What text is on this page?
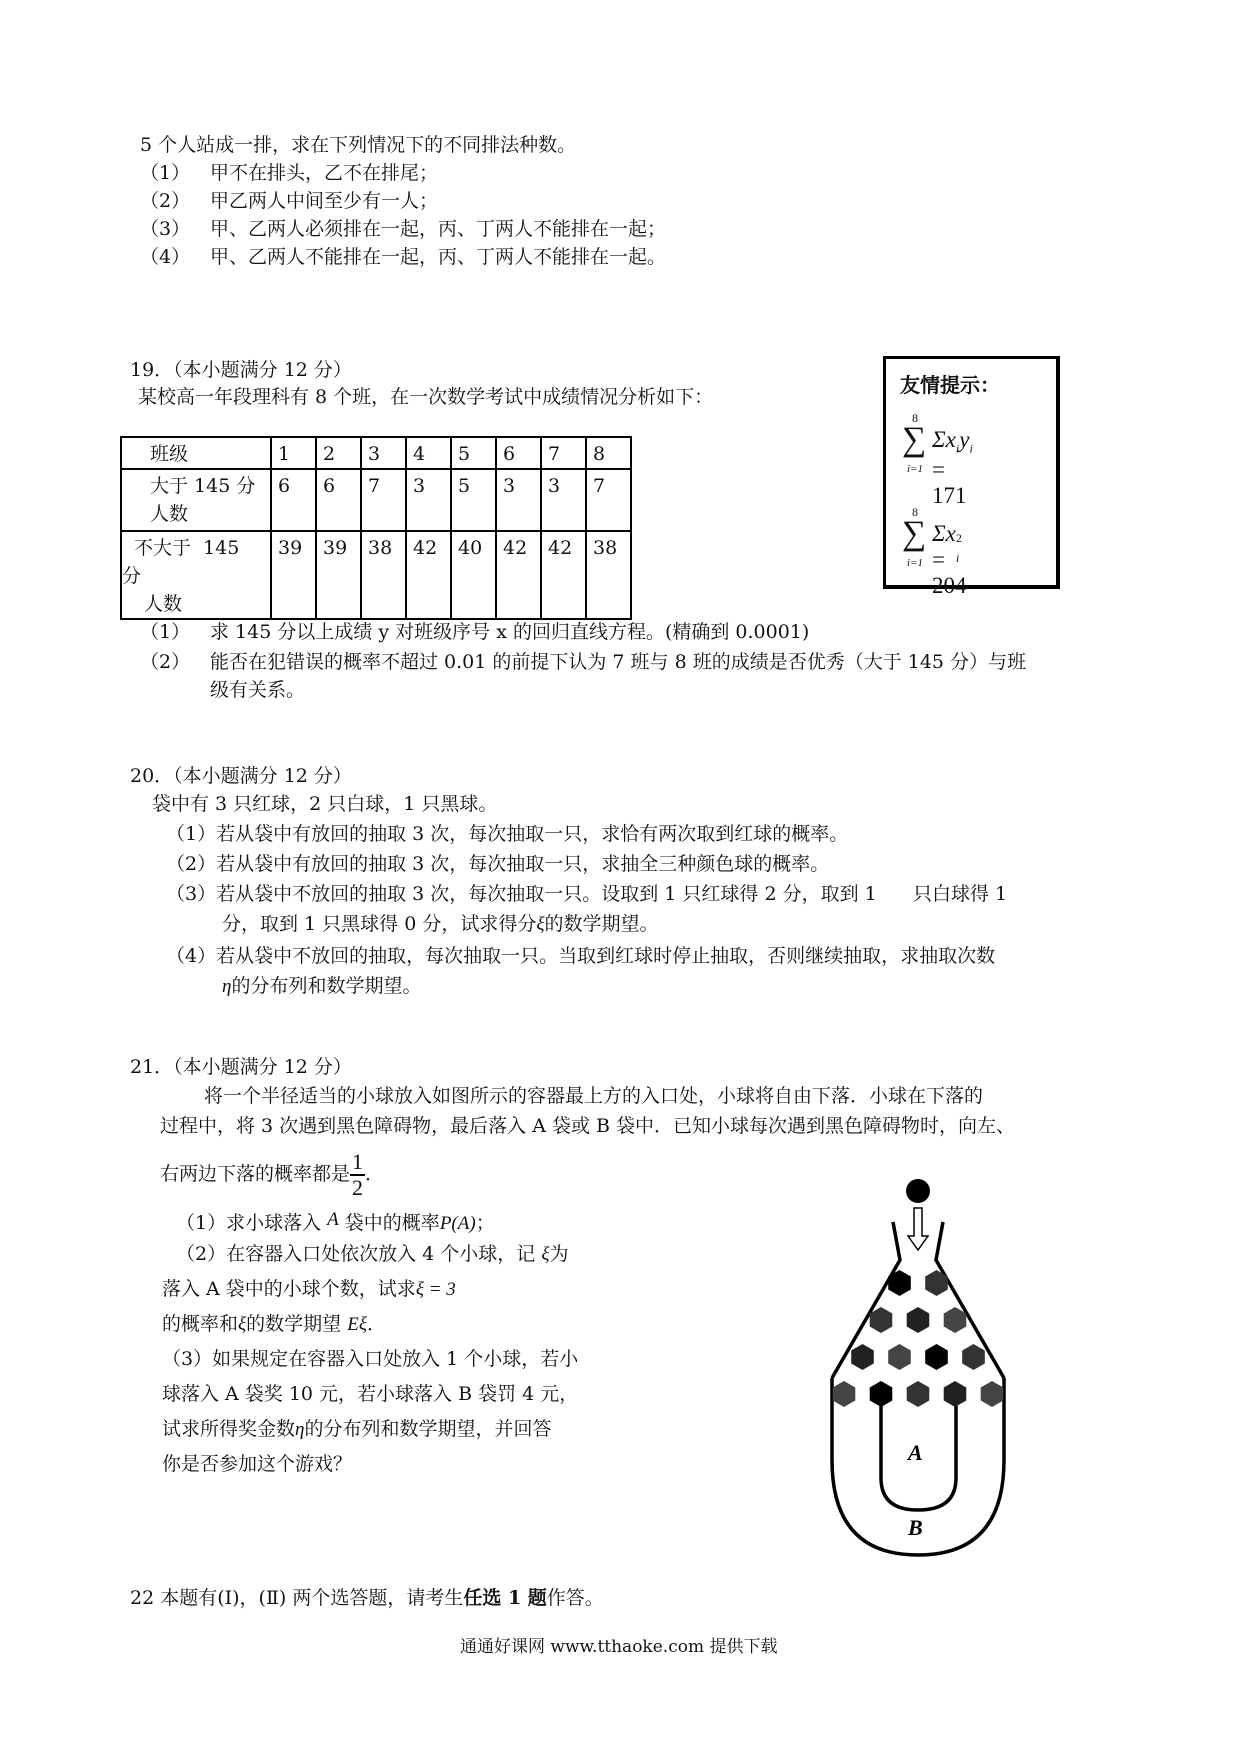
5 个人站成一排，求在下列情况下的不同排法种数。
（1） 甲不在排头，乙不在排尾；
（2） 甲乙两人中间至少有一人；
（3） 甲、乙两人必须排在一起，丙、丁两人不能排在一起；
（4） 甲、乙两人不能排在一起，丙、丁两人不能排在一起。
19．（本小题满分 12 分）
某校高一年段理科有 8 个班，在一次数学考试中成绩情况分析如下：
班级	1	2	3	4	5	6	7	8

大于 145 分
人数	6	6	7	3	5	3	3	7

不大于  145
分
人数	39	39	38	42	40	42	42	38
友情提示：
8
∑
i=1
$\Sigma x_iy_i = 171$
8
∑
i=1
Σx 2
i
= 204
（1） 求 145 分以上成绩 y 对班级序号 x 的回归直线方程。(精确到 0.0001)
（2） 能否在犯错误的概率不超过 0.01 的前提下认为 7 班与 8 班的成绩是否优秀（大于 145 分）与班
级有关系。
20．（本小题满分 12 分）
袋中有 3 只红球，2 只白球，1 只黑球。
（1）若从袋中有放回的抽取 3 次，每次抽取一只，求恰有两次取到红球的概率。
（2）若从袋中有放回的抽取 3 次，每次抽取一只，求抽全三种颜色球的概率。
（3）若从袋中不放回的抽取 3 次，每次抽取一只。设取到 1 只红球得 2 分，取到 1      只白球得 1
分，取到 1 只黑球得 0 分，试求得分ξ的数学期望。
（4）若从袋中不放回的抽取，每次抽取一只。当取到红球时停止抽取，否则继续抽取，求抽取次数
η的分布列和数学期望。
21．（本小题满分 12 分）
将一个半径适当的小球放入如图所示的容器最上方的入口处，小球将自由下落．小球在下落的
过程中，将 3 次遇到黑色障碍物，最后落入 A 袋或 B 袋中．已知小球每次遇到黑色障碍物时，向左、
右两边下落的概率都是 $\frac{1}{2}$ ．
（1）求小球落入 A 袋中的概率P(A)；
（2）在容器入口处依次放入 4 个小球，记 ξ为
落入 A 袋中的小球个数，试求ξ = 3
的概率和ξ的数学期望 Eξ．
（3）如果规定在容器入口处放入 1 个小球，若小
球落入 A 袋奖 10 元，若小球落入 B 袋罚 4 元，
试求所得奖金数η的分布列和数学期望，并回答
你是否参加这个游戏？	A
B
22 本题有(Ⅰ)，(Ⅱ) 两个选答题，请考生任选 1 题作答。
通通好课网 www.tthaoke.com 提供下载
